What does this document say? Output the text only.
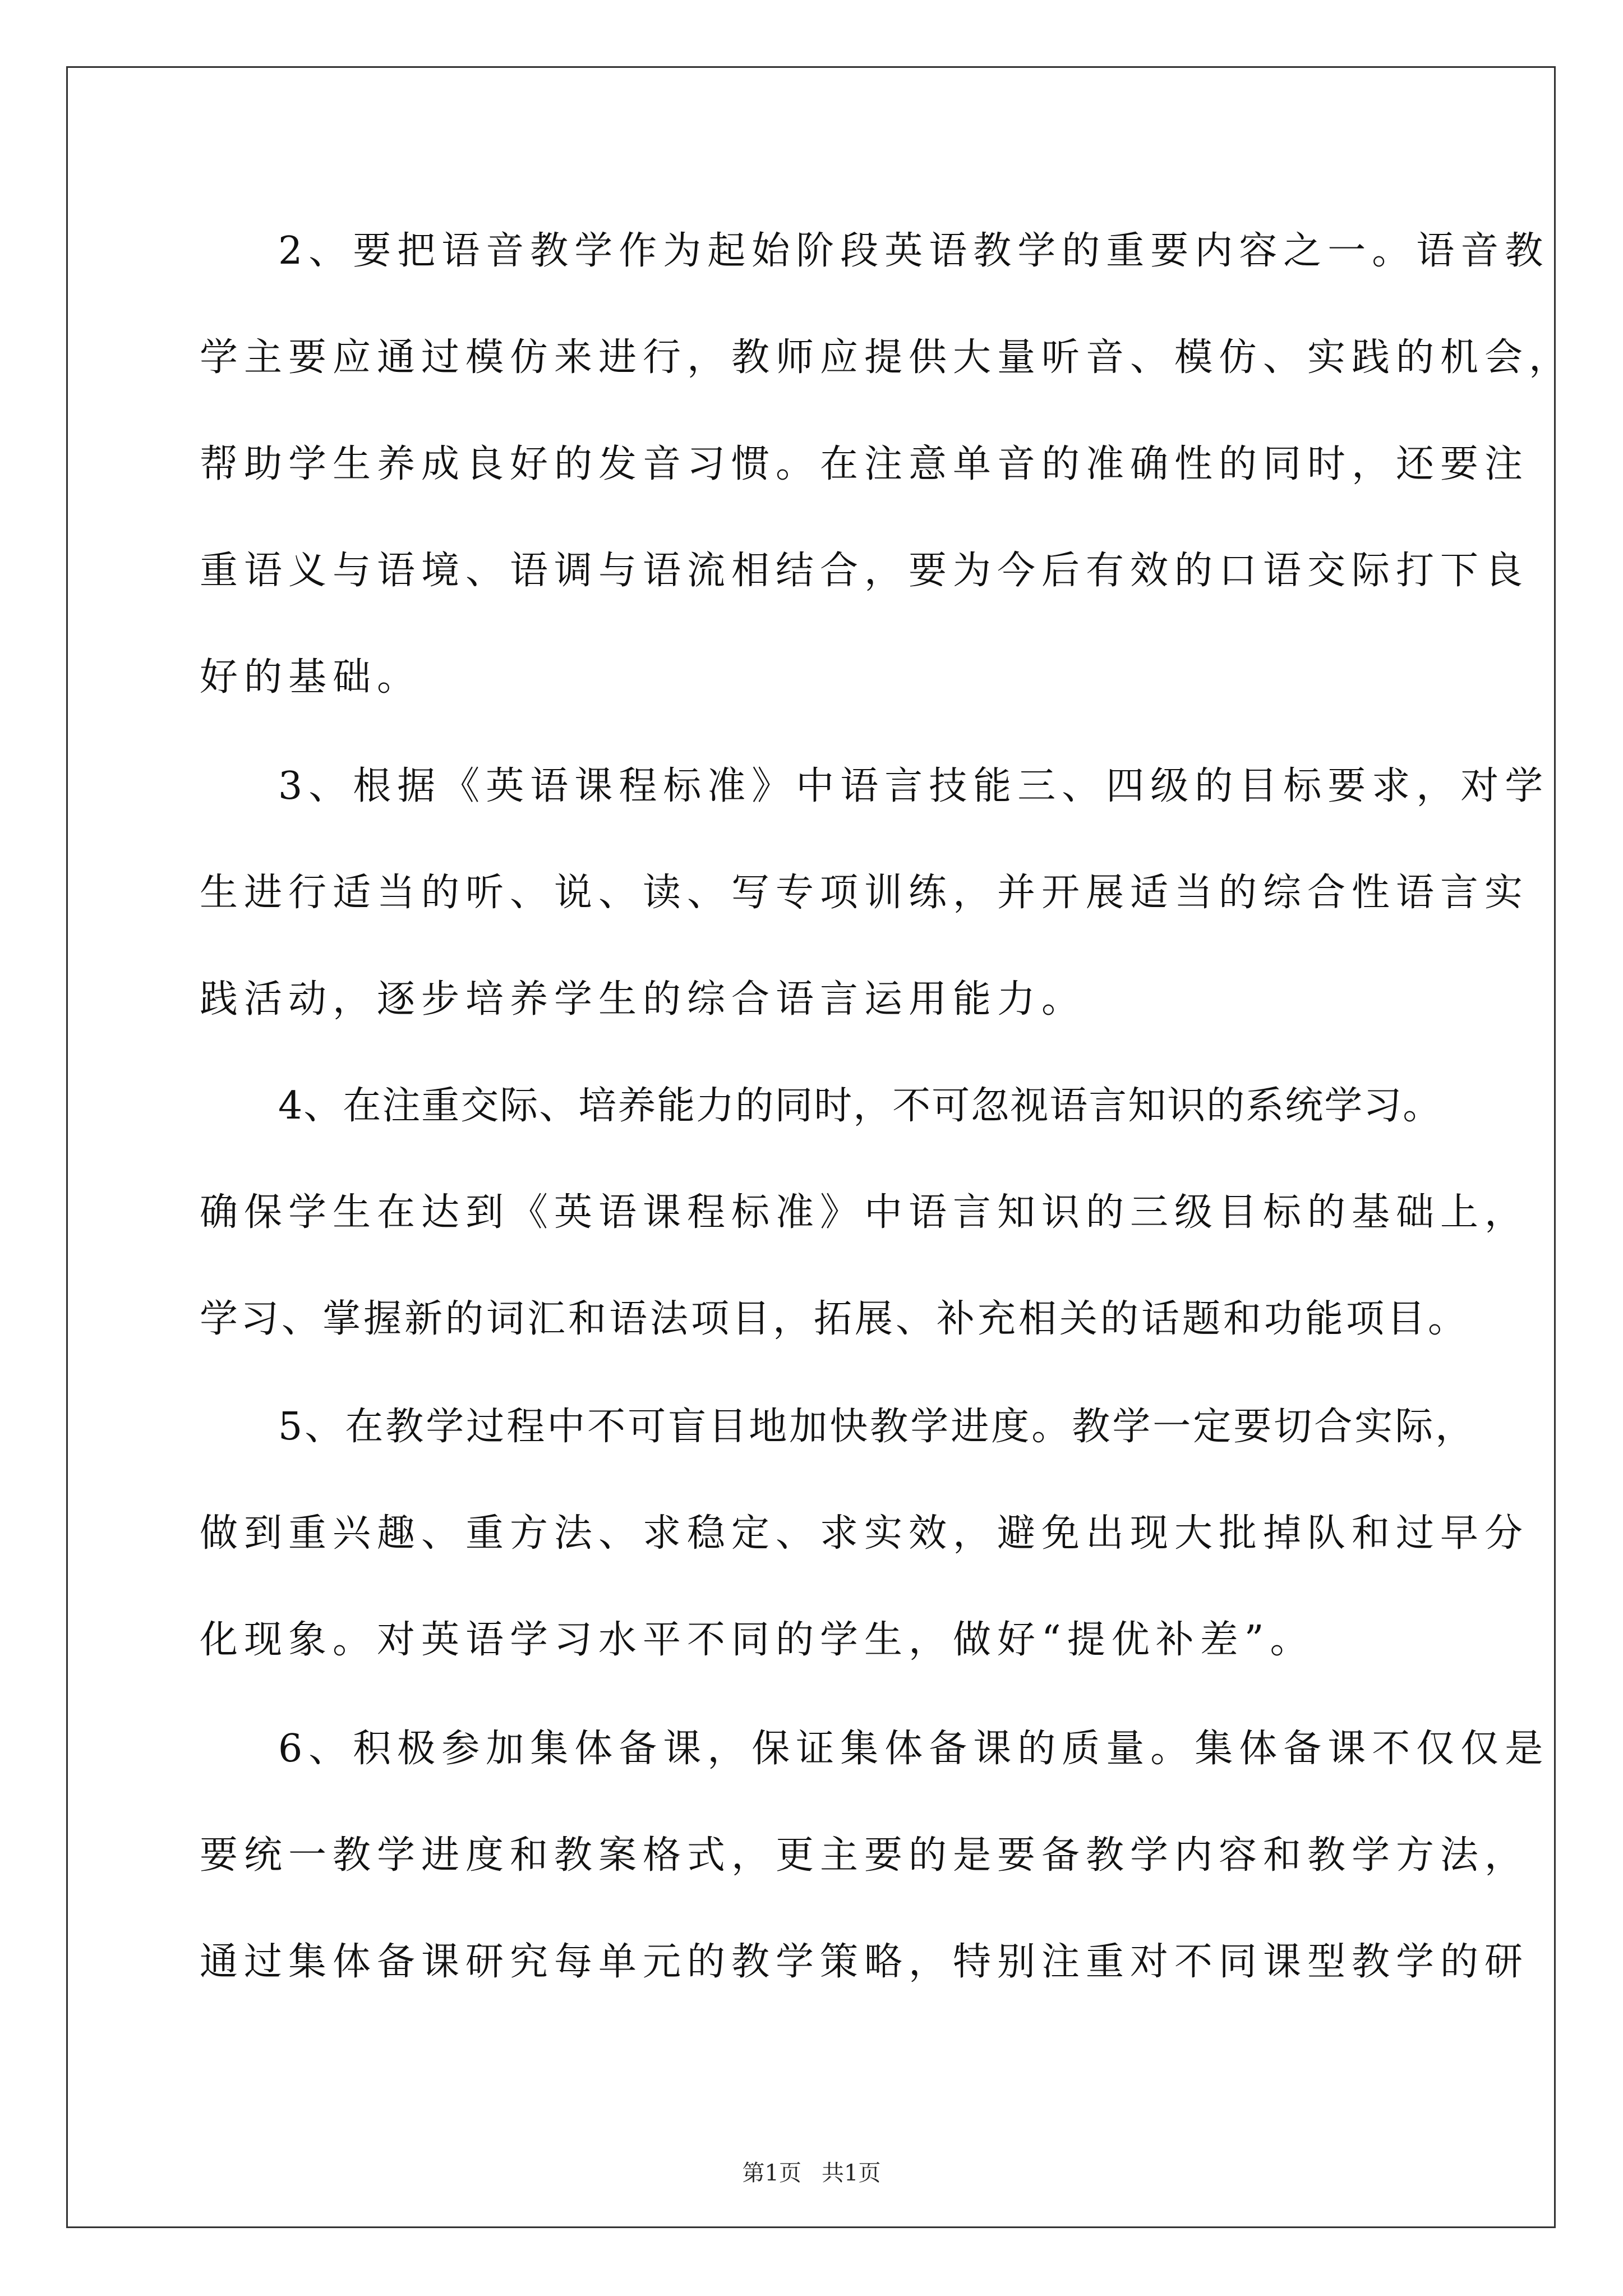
2、要把语音教学作为起始阶段英语教学的重要内容之一。语音教

学主要应通过模仿来进行，教师应提供大量听音、模仿、实践的机会，

帮助学生养成良好的发音习惯。在注意单音的准确性的同时，还要注

重语义与语境、语调与语流相结合，要为今后有效的口语交际打下良

好的基础。

3、根据《英语课程标准》中语言技能三、四级的目标要求，对学

生进行适当的听、说、读、写专项训练，并开展适当的综合性语言实

践活动，逐步培养学生的综合语言运用能力。

4、在注重交际、培养能力的同时，不可忽视语言知识的系统学习。

确保学生在达到《英语课程标准》中语言知识的三级目标的基础上，

学习、掌握新的词汇和语法项目，拓展、补充相关的话题和功能项目。

5、在教学过程中不可盲目地加快教学进度。教学一定要切合实际，

做到重兴趣、重方法、求稳定、求实效，避免出现大批掉队和过早分

化现象。对英语学习水平不同的学生，做好“提优补差”。

6、积极参加集体备课，保证集体备课的质量。集体备课不仅仅是

要统一教学进度和教案格式，更主要的是要备教学内容和教学方法，

通过集体备课研究每单元的教学策略，特别注重对不同课型教学的研

第1页 共1页
